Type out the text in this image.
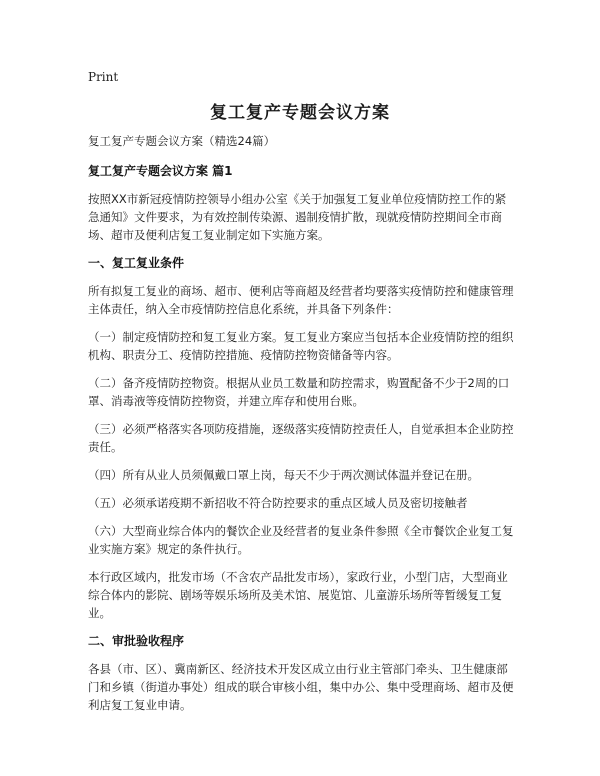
Print
复工复产专题会议方案

复工复产专题会议方案（精选24篇）

复工复产专题会议方案 篇1

按照XX市新冠疫情防控领导小组办公室《关于加强复工复业单位疫情防控工作的紧急通知》文件要求，为有效控制传染源、遏制疫情扩散，现就疫情防控期间全市商场、超市及便利店复工复业制定如下实施方案。

一、复工复业条件

所有拟复工复业的商场、超市、便利店等商超及经营者均要落实疫情防控和健康管理主体责任，纳入全市疫情防控信息化系统，并具备下列条件：

（一）制定疫情防控和复工复业方案。复工复业方案应当包括本企业疫情防控的组织机构、职责分工、疫情防控措施、疫情防控物资储备等内容。

（二）备齐疫情防控物资。根据从业员工数量和防控需求，购置配备不少于2周的口罩、消毒液等疫情防控物资，并建立库存和使用台账。

（三）必须严格落实各项防疫措施，逐级落实疫情防控责任人，自觉承担本企业防控责任。

（四）所有从业人员须佩戴口罩上岗，每天不少于两次测试体温并登记在册。

（五）必须承诺疫期不新招收不符合防控要求的重点区域人员及密切接触者

（六）大型商业综合体内的餐饮企业及经营者的复业条件参照《全市餐饮企业复工复业实施方案》规定的条件执行。

本行政区域内，批发市场（不含农产品批发市场），家政行业，小型门店，大型商业综合体内的影院、剧场等娱乐场所及美术馆、展览馆、儿童游乐场所等暂缓复工复业。

二、审批验收程序

各县（市、区）、冀南新区、经济技术开发区成立由行业主管部门牵头、卫生健康部门和乡镇（街道办事处）组成的联合审核小组，集中办公、集中受理商场、超市及便利店复工复业申请。
